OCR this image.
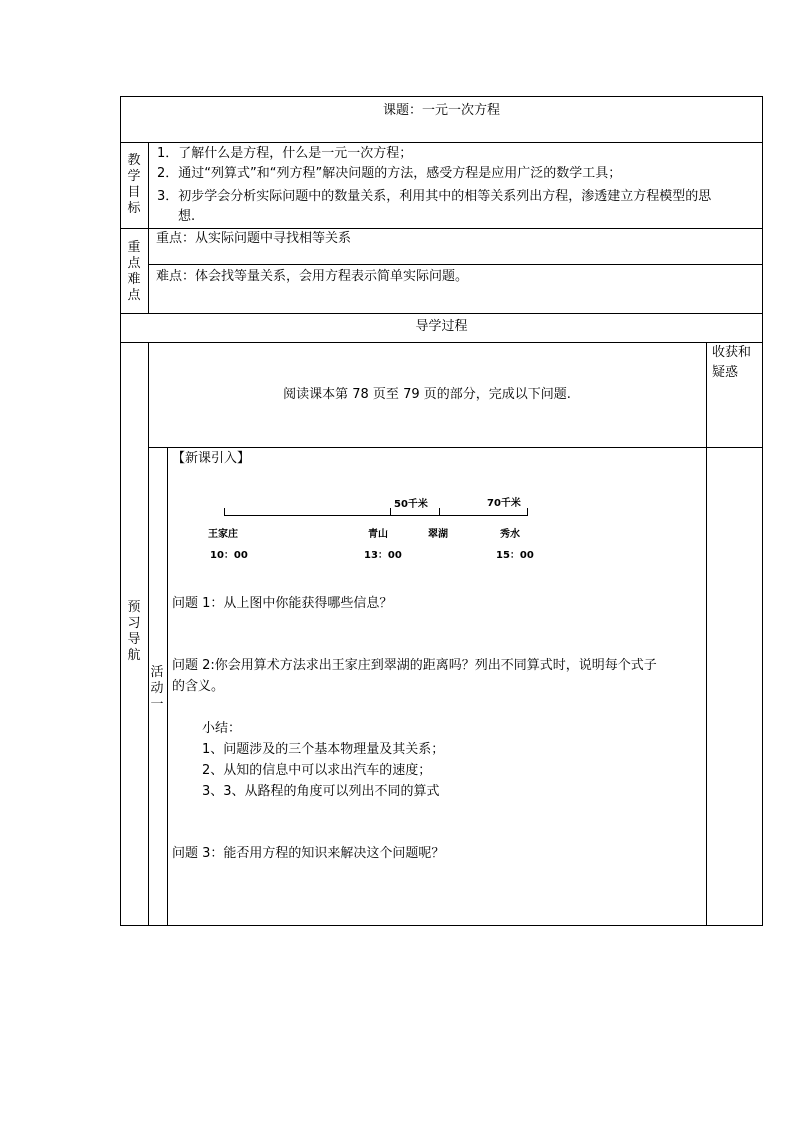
课题：一元一次方程
教学目标
1．了解什么是方程，什么是一元一次方程；
2．通过“列算式”和“列方程”解决问题的方法，感受方程是应用广泛的数学工具；
3．初步学会分析实际问题中的数量关系，利用其中的相等关系列出方程，渗透建立方程模型的思
想.
重点难点
重点：从实际问题中寻找相等关系
难点：体会找等量关系，会用方程表示简单实际问题。
导学过程
预习导航
收获和疑惑
阅读课本第 78 页至 79 页的部分，完成以下问题.
活动一
【新课引入】
50千米	70千米
王家庄	青山	翠湖	秀水
10：00	13：00	15：00
问题 1：从上图中你能获得哪些信息？
问题 2:你会用算术方法求出王家庄到翠湖的距离吗？列出不同算式时，说明每个式子
的含义。
小结：
1、问题涉及的三个基本物理量及其关系；
2、从知的信息中可以求出汽车的速度；
3、3、从路程的角度可以列出不同的算式
问题 3：能否用方程的知识来解决这个问题呢？
